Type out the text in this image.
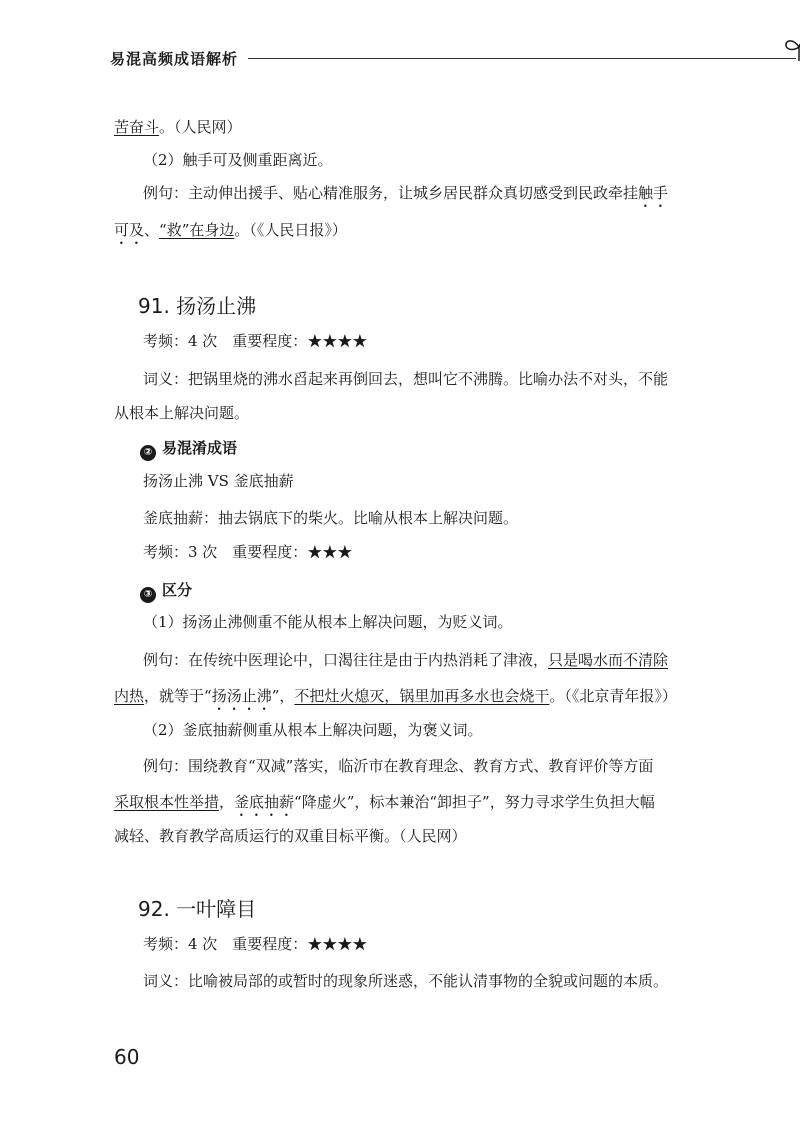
易混高频成语解析
苦奋斗。（人民网）
（2）触手可及侧重距离近。
例句：主动伸出援手、贴心精准服务，让城乡居民群众真切感受到民政牵挂触手
可及、“救”在身边。（《人民日报》）
91. 扬汤止沸
考频：4 次　重要程度：★★★★
词义：把锅里烧的沸水舀起来再倒回去，想叫它不沸腾。比喻办法不对头，不能
从根本上解决问题。
② 易混淆成语
扬汤止沸 VS 釜底抽薪
釜底抽薪：抽去锅底下的柴火。比喻从根本上解决问题。
考频：3 次　重要程度：★★★
③ 区分
（1）扬汤止沸侧重不能从根本上解决问题，为贬义词。
例句：在传统中医理论中，口渴往往是由于内热消耗了津液，只是喝水而不清除
内热，就等于“扬汤止沸”，不把灶火熄灭，锅里加再多水也会烧干。（《北京青年报》）
（2）釜底抽薪侧重从根本上解决问题，为褒义词。
例句：围绕教育“双减”落实，临沂市在教育理念、教育方式、教育评价等方面
采取根本性举措，釜底抽薪“降虚火”，标本兼治“卸担子”，努力寻求学生负担大幅
减轻、教育教学高质运行的双重目标平衡。（人民网）
92. 一叶障目
考频：4 次　重要程度：★★★★
词义：比喻被局部的或暂时的现象所迷惑，不能认清事物的全貌或问题的本质。
60
